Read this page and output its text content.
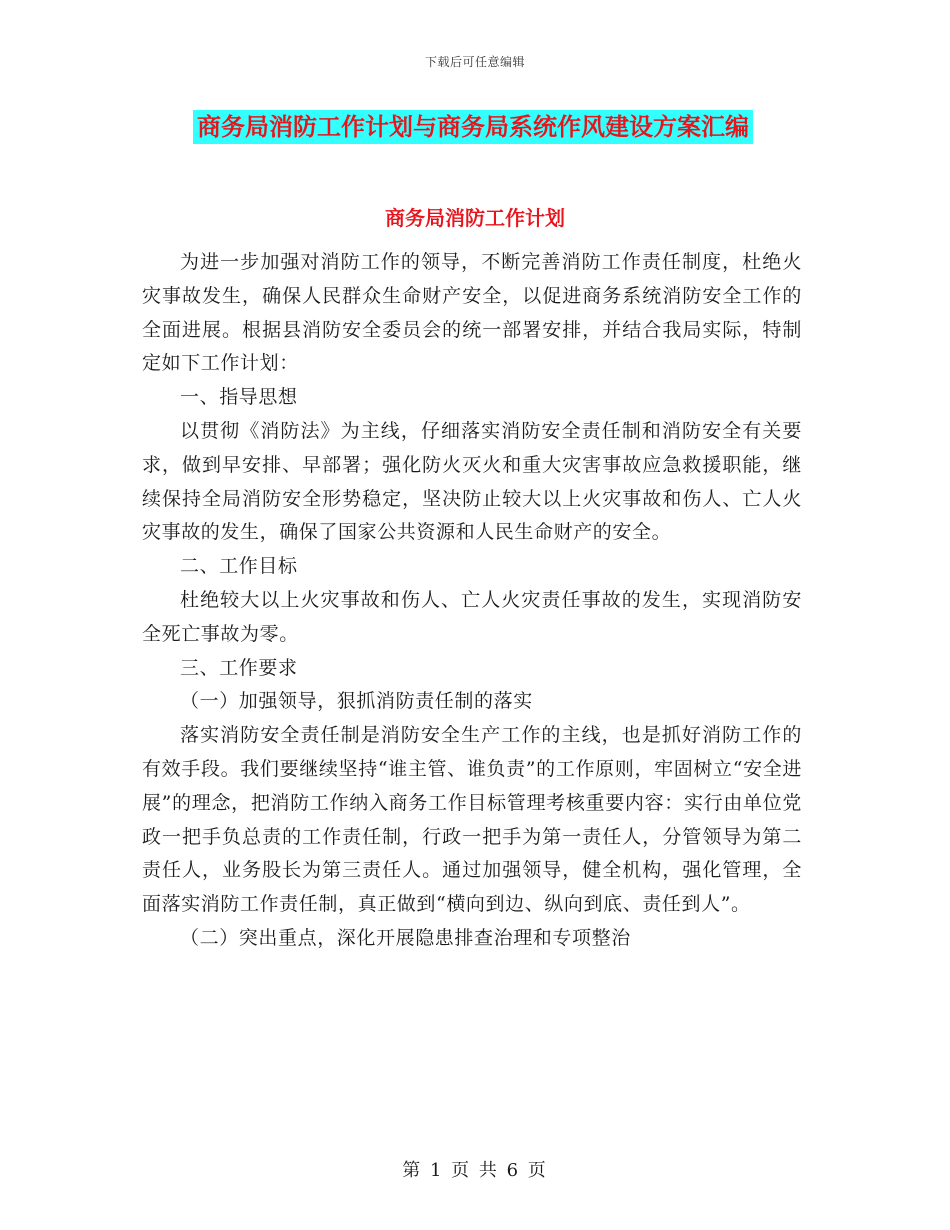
下载后可任意编辑
商务局消防工作计划与商务局系统作风建设方案汇编
商务局消防工作计划

为进一步加强对消防工作的领导，不断完善消防工作责任制度，杜绝火灾事故发生，确保人民群众生命财产安全，以促进商务系统消防安全工作的全面进展。根据县消防安全委员会的统一部署安排，并结合我局实际，特制定如下工作计划：

一、指导思想

以贯彻《消防法》为主线，仔细落实消防安全责任制和消防安全有关要求，做到早安排、早部署；强化防火灭火和重大灾害事故应急救援职能，继续保持全局消防安全形势稳定，坚决防止较大以上火灾事故和伤人、亡人火灾事故的发生，确保了国家公共资源和人民生命财产的安全。

二、工作目标

杜绝较大以上火灾事故和伤人、亡人火灾责任事故的发生，实现消防安全死亡事故为零。

三、工作要求

（一）加强领导，狠抓消防责任制的落实

落实消防安全责任制是消防安全生产工作的主线，也是抓好消防工作的有效手段。我们要继续坚持“谁主管、谁负责”的工作原则，牢固树立“安全进展”的理念，把消防工作纳入商务工作目标管理考核重要内容：实行由单位党政一把手负总责的工作责任制，行政一把手为第一责任人，分管领导为第二责任人，业务股长为第三责任人。通过加强领导，健全机构，强化管理，全面落实消防工作责任制，真正做到“横向到边、纵向到底、责任到人”。

（二）突出重点，深化开展隐患排查治理和专项整治

第 1 页 共 6 页
